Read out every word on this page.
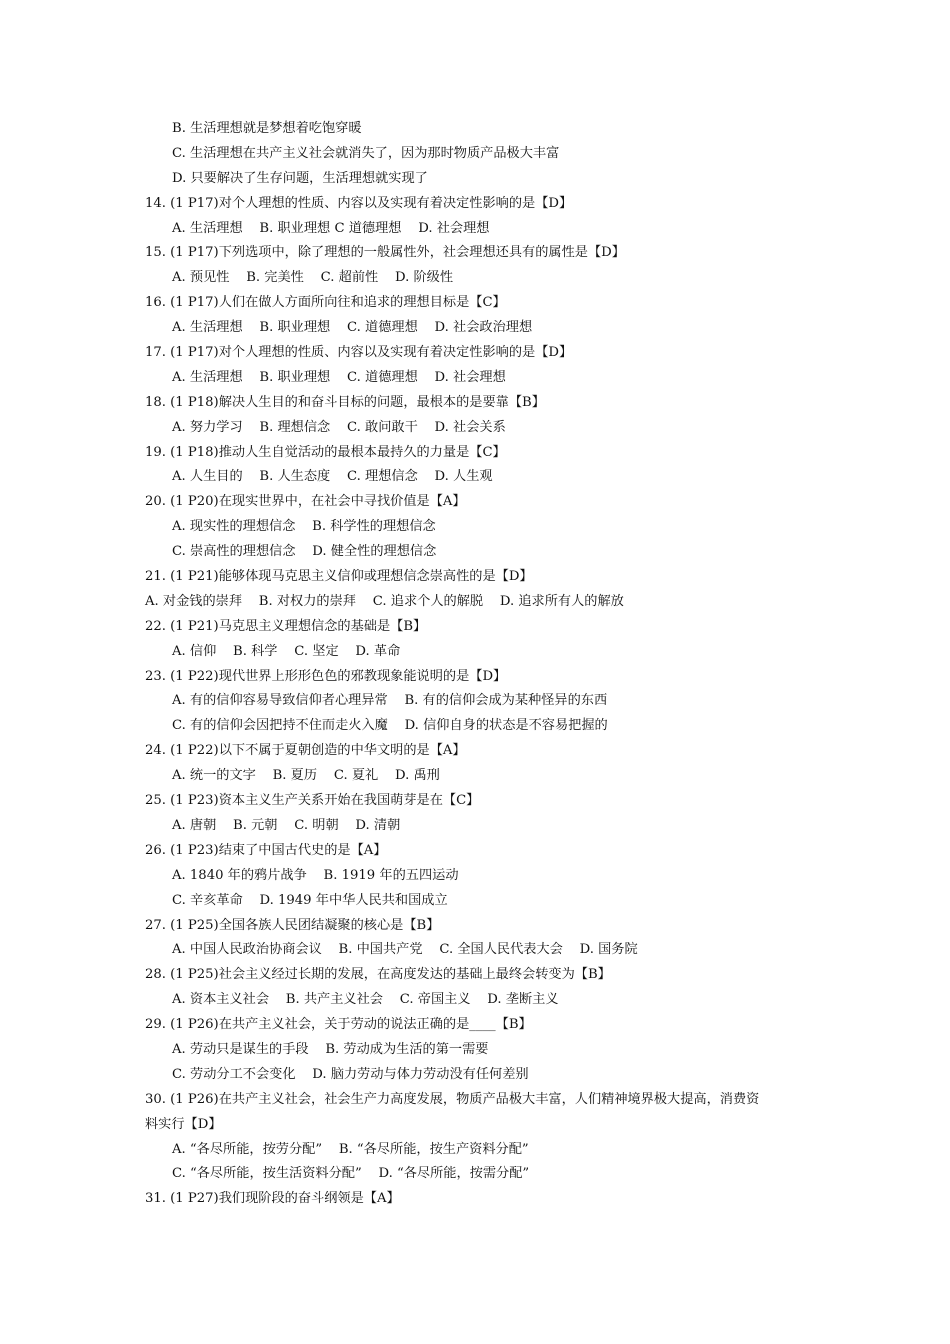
B. 生活理想就是梦想着吃饱穿暖
C. 生活理想在共产主义社会就消失了，因为那时物质产品极大丰富
D. 只要解决了生存问题，生活理想就实现了
14. (1 P17)对个人理想的性质、内容以及实现有着决定性影响的是【D】
A. 生活理想    B. 职业理想 C 道德理想    D. 社会理想
15. (1 P17)下列选项中，除了理想的一般属性外，社会理想还具有的属性是【D】
A. 预见性    B. 完美性    C. 超前性    D. 阶级性
16. (1 P17)人们在做人方面所向往和追求的理想目标是【C】
A. 生活理想    B. 职业理想    C. 道德理想    D. 社会政治理想
17. (1 P17)对个人理想的性质、内容以及实现有着决定性影响的是【D】
A. 生活理想    B. 职业理想    C. 道德理想    D. 社会理想
18. (1 P18)解决人生目的和奋斗目标的问题，最根本的是要靠【B】
A. 努力学习    B. 理想信念    C. 敢问敢干    D. 社会关系
19. (1 P18)推动人生自觉活动的最根本最持久的力量是【C】
A. 人生目的    B. 人生态度    C. 理想信念    D. 人生观
20. (1 P20)在现实世界中，在社会中寻找价值是【A】
A. 现实性的理想信念    B. 科学性的理想信念
C. 崇高性的理想信念    D. 健全性的理想信念
21. (1 P21)能够体现马克思主义信仰或理想信念崇高性的是【D】
A. 对金钱的崇拜    B. 对权力的崇拜    C. 追求个人的解脱    D. 追求所有人的解放
22. (1 P21)马克思主义理想信念的基础是【B】
A. 信仰    B. 科学    C. 坚定    D. 革命
23. (1 P22)现代世界上形形色色的邪教现象能说明的是【D】
A. 有的信仰容易导致信仰者心理异常    B. 有的信仰会成为某种怪异的东西
C. 有的信仰会因把持不住而走火入魔    D. 信仰自身的状态是不容易把握的
24. (1 P22)以下不属于夏朝创造的中华文明的是【A】
A. 统一的文字    B. 夏历    C. 夏礼    D. 禹刑
25. (1 P23)资本主义生产关系开始在我国萌芽是在【C】
A. 唐朝    B. 元朝    C. 明朝    D. 清朝
26. (1 P23)结束了中国古代史的是【A】
A. 1840 年的鸦片战争    B. 1919 年的五四运动
C. 辛亥革命    D. 1949 年中华人民共和国成立
27. (1 P25)全国各族人民团结凝聚的核心是【B】
A. 中国人民政治协商会议    B. 中国共产党    C. 全国人民代表大会    D. 国务院
28. (1 P25)社会主义经过长期的发展，在高度发达的基础上最终会转变为【B】
A. 资本主义社会    B. 共产主义社会    C. 帝国主义    D. 垄断主义
29. (1 P26)在共产主义社会，关于劳动的说法正确的是____【B】
A. 劳动只是谋生的手段    B. 劳动成为生活的第一需要
C. 劳动分工不会变化    D. 脑力劳动与体力劳动没有任何差别
30. (1 P26)在共产主义社会，社会生产力高度发展，物质产品极大丰富，人们精神境界极大提高，消费资
料实行【D】
A. “各尽所能，按劳分配”    B. “各尽所能，按生产资料分配”
C. “各尽所能，按生活资料分配”    D. “各尽所能，按需分配”
31. (1 P27)我们现阶段的奋斗纲领是【A】
